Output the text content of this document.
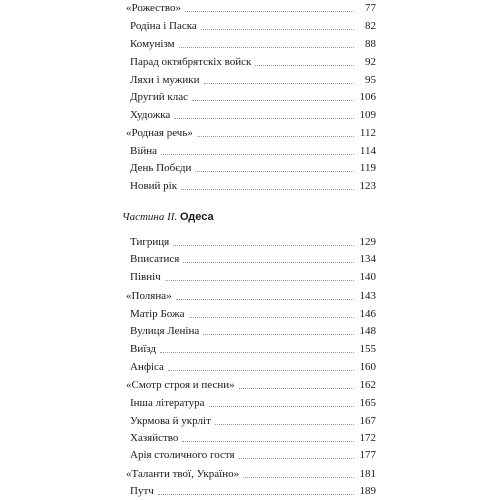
«Рожество»	77
Родіна і Паска	82
Комунізм	88
Парад октябрятскіх войск	92
Ляхи і мужики	95
Другий клас	106
Художка	109
«Родная речь»	112
Війна	114
День Побєди	119
Новий рік	123
Частина ІІ. Одеса
Тигриця	129
Вписатися	134
Північ	140
«Поляна»	143
Матір Божа	146
Вулиця Леніна	148
Виїзд	155
Анфіса	160
«Смотр строя и песни»	162
Інша література	165
Укрмова й укрліт	167
Хазяйство	172
Арія столичного гостя	177
«Таланти твої, Україно»	181
Путч	189
